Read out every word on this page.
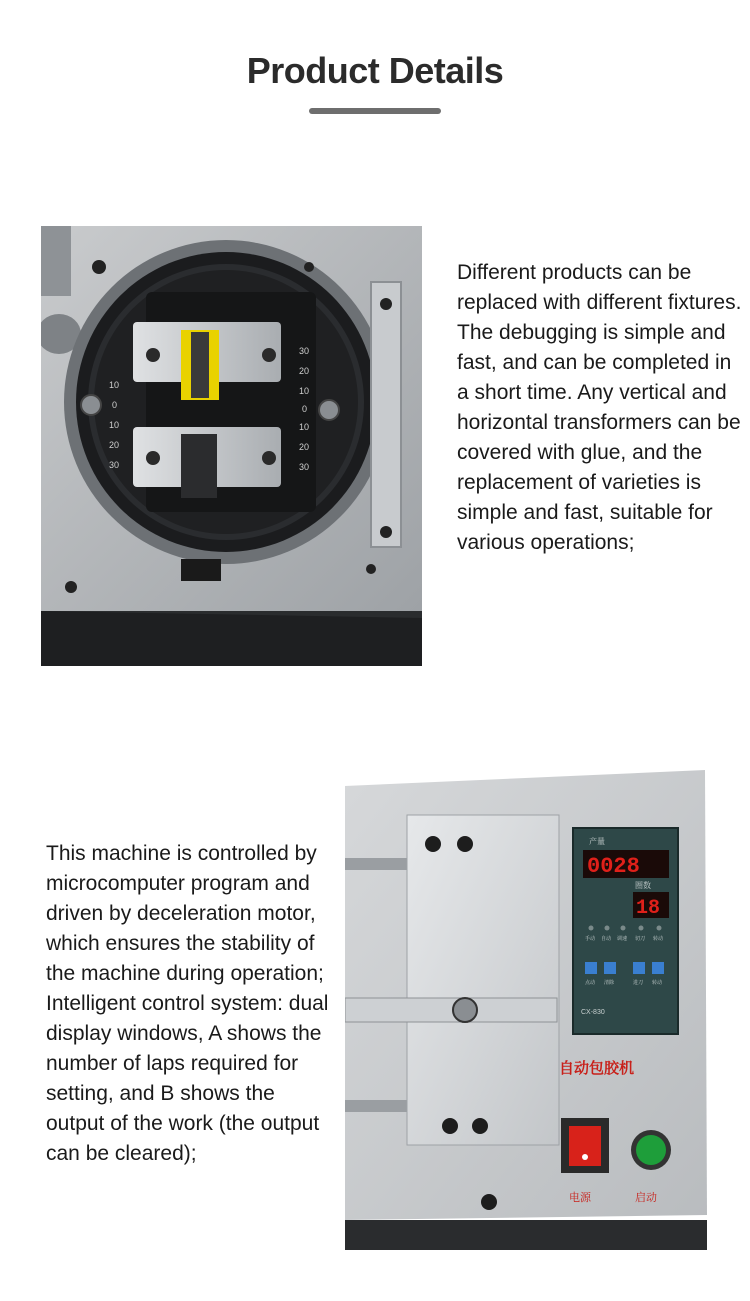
Product Details
30
20
10
0
10
20
30
10
0
10
20
30
Different products can be replaced with different fixtures. The debugging is simple and fast, and can be completed in a short time. Any vertical and horizontal transformers can be covered with glue, and the replacement of varieties is simple and fast, suitable for various operations;
产量
0028
圈数
18
手动 自动 调速 切刀 转动
点动 清除	进刀 转动
CX-830
自动包胶机
电源	启动
This machine is controlled by microcomputer program and driven by deceleration motor, which ensures the stability of the machine during operation; Intelligent control system: dual display windows, A shows the number of laps required for setting, and B shows the output of the work (the output can be cleared);
